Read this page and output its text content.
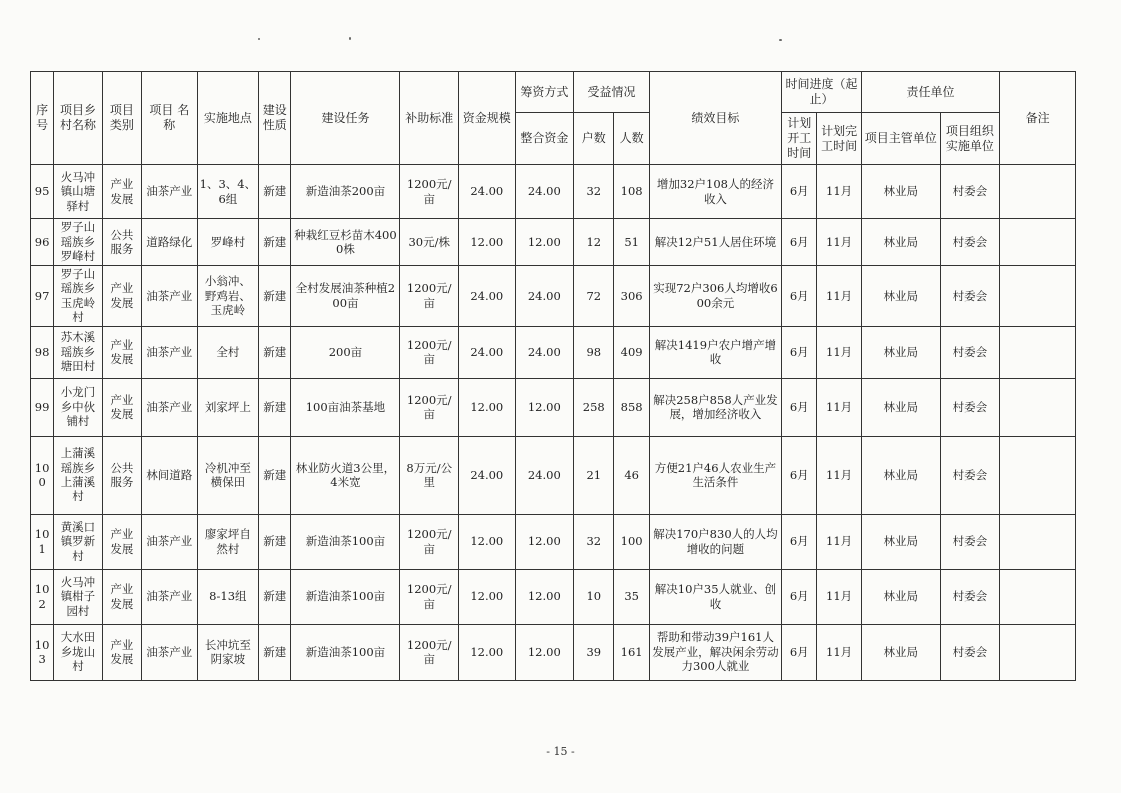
序号	项目乡村名称	项目类别	项目 名称	实施地点	建设性质	建设任务	补助标准	资金规模	筹资方式	受益情况		绩效目标	时间进度（起止）		责任单位		备注
									整合资金	户数	人数		计划开工时间	计划完工时间	项目主管单位	项目组织实施单位	
95	火马冲镇山塘驿村	产业发展	油茶产业	1、3、4、6组	新建	新造油茶200亩	1200元/亩	24.00	24.00	32	108	增加32户108人的经济收入	6月	11月	林业局	村委会	
96	罗子山瑶族乡罗峰村	公共服务	道路绿化	罗峰村	新建	种栽红豆杉苗木4000株	30元/株	12.00	12.00	12	51	解决12户51人居住环境	6月	11月	林业局	村委会	
97	罗子山瑶族乡玉虎岭村	产业发展	油茶产业	小翁冲、野鸡岩、玉虎岭	新建	全村发展油茶种植200亩	1200元/亩	24.00	24.00	72	306	实现72户306人均增收600余元	6月	11月	林业局	村委会	
98	苏木溪瑶族乡塘田村	产业发展	油茶产业	全村	新建	200亩	1200元/亩	24.00	24.00	98	409	解决1419户农户增产增收	6月	11月	林业局	村委会	
99	小龙门乡中伙铺村	产业发展	油茶产业	刘家坪上	新建	100亩油茶基地	1200元/亩	12.00	12.00	258	858	解决258户858人产业发展，增加经济收入	6月	11月	林业局	村委会	
100	上蒲溪瑶族乡上蒲溪村	公共服务	林间道路	冷机冲至横保田	新建	林业防火道3公里，4米宽	8万元/公里	24.00	24.00	21	46	方便21户46人农业生产生活条件	6月	11月	林业局	村委会	
101	黄溪口镇罗新村	产业发展	油茶产业	廖家坪自然村	新建	新造油茶100亩	1200元/亩	12.00	12.00	32	100	解决170户830人的人均增收的问题	6月	11月	林业局	村委会	
102	火马冲镇柑子园村	产业发展	油茶产业	8-13组	新建	新造油茶100亩	1200元/亩	12.00	12.00	10	35	解决10户35人就业、创收	6月	11月	林业局	村委会	
103	大水田乡垅山村	产业发展	油茶产业	长冲坑至阴家坡	新建	新造油茶100亩	1200元/亩	12.00	12.00	39	161	帮助和带动39户161人发展产业，解决闲余劳动力300人就业	6月	11月	林业局	村委会	
- 15 -
